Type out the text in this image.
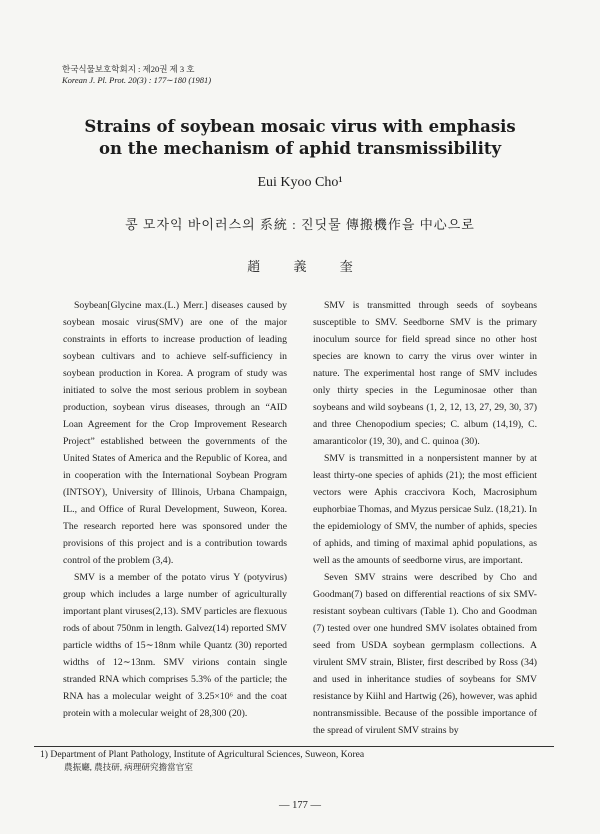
한국식물보호학회지 : 제20권 제 3 호
Korean J. Pl. Prot. 20(3) : 177∼180 (1981)
Strains of soybean mosaic virus with emphasis
on the mechanism of aphid transmissibility
Eui Kyoo Cho¹
콩 모자익 바이러스의 系統 : 진딧물 傳搬機作을 中心으로
趙 義 奎

Soybean[Glycine max.(L.) Merr.] diseases caused by soybean mosaic virus(SMV) are one of the major constraints in efforts to increase production of leading soybean cultivars and to achieve self-sufficiency in soybean production in Korea. A program of study was initiated to solve the most serious problem in soybean production, soybean virus diseases, through an “AID Loan Agreement for the Crop Improvement Research Project” established between the governments of the United States of America and the Republic of Korea, and in cooperation with the International Soybean Program (INTSOY), University of Illinois, Urbana Champaign, IL., and Office of Rural Development, Suweon, Korea. The research reported here was sponsored under the provisions of this project and is a contribution towards control of the problem (3,4).

SMV is a member of the potato virus Y (potyvirus) group which includes a large number of agriculturally important plant viruses(2,13). SMV particles are flexuous rods of about 750nm in length. Galvez(14) reported SMV particle widths of 15∼18nm while Quantz (30) reported widths of 12∼13nm. SMV virions contain single stranded RNA which comprises 5.3% of the particle; the RNA has a molecular weight of 3.25×10⁶ and the coat protein with a molecular weight of 28,300 (20).

SMV is transmitted through seeds of soybeans susceptible to SMV. Seedborne SMV is the primary inoculum source for field spread since no other host species are known to carry the virus over winter in nature. The experimental host range of SMV includes only thirty species in the Leguminosae other than soybeans and wild soybeans (1, 2, 12, 13, 27, 29, 30, 37) and three Chenopodium species; C. album (14,19), C. amaranticolor (19, 30), and C. quinoa (30).

SMV is transmitted in a nonpersistent manner by at least thirty-one species of aphids (21); the most efficient vectors were Aphis craccivora Koch, Macrosiphum euphorbiae Thomas, and Myzus persicae Sulz. (18,21). In the epidemiology of SMV, the number of aphids, species of aphids, and timing of maximal aphid populations, as well as the amounts of seedborne virus, are important.

Seven SMV strains were described by Cho and Goodman(7) based on differential reactions of six SMV-resistant soybean cultivars (Table 1). Cho and Goodman (7) tested over one hundred SMV isolates obtained from seed from USDA soybean germplasm collections. A virulent SMV strain, Blister, first described by Ross (34) and used in inheritance studies of soybeans for SMV resistance by Kiihl and Hartwig (26), however, was aphid nontransmissible. Because of the possible importance of the spread of virulent SMV strains by

1) Department of Plant Pathology, Institute of Agricultural Sciences, Suweon, Korea
農振廳, 農技研, 病理研究擔當官室
— 177 —
